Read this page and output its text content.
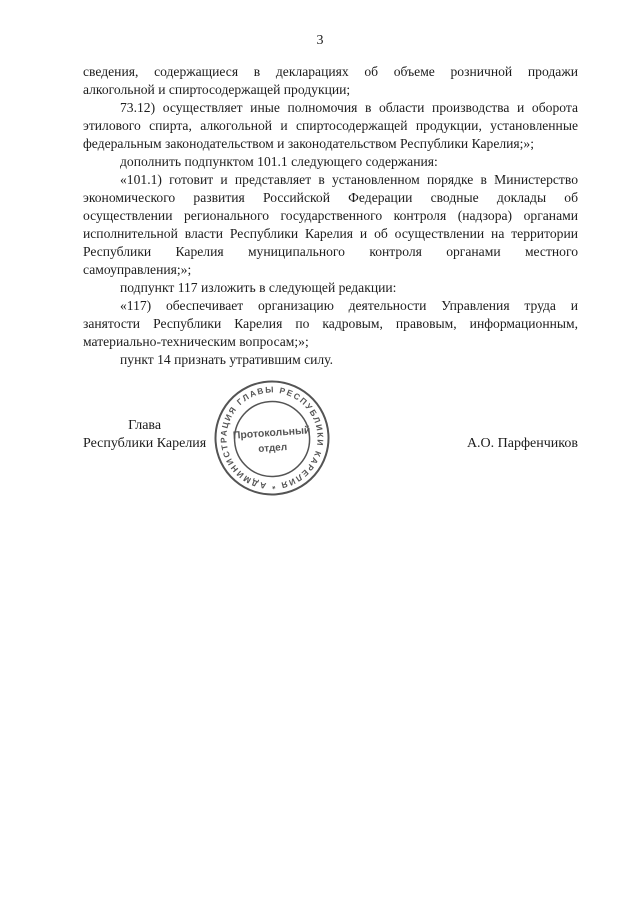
3
сведения, содержащиеся в декларациях об объеме розничной продажи
алкогольной и спиртосодержащей продукции;
73.12) осуществляет иные полномочия в области производства и оборота
этилового спирта, алкогольной и спиртосодержащей продукции, установленные
федеральным законодательством и законодательством Республики Карелия;»;
дополнить подпунктом 101.1 следующего содержания:
«101.1) готовит и представляет в установленном порядке в Министерство
экономического развития Российской Федерации сводные доклады об
осуществлении регионального государственного контроля (надзора) органами
исполнительной власти Республики Карелия и об осуществлении на территории
Республики Карелия муниципального контроля органами местного
самоуправления;»;
подпункт 117 изложить в следующей редакции:
«117) обеспечивает организацию деятельности Управления труда и
занятости Республики Карелия по кадровым, правовым, информационным,
материально-техническим вопросам;»;
пункт 14 признать утратившим силу.
Глава
Республики Карелия	А.О. Парфенчиков
* АДМИНИСТРАЦИЯ ГЛАВЫ РЕСПУБЛИКИ КАРЕЛИЯ
Протокольный
отдел
